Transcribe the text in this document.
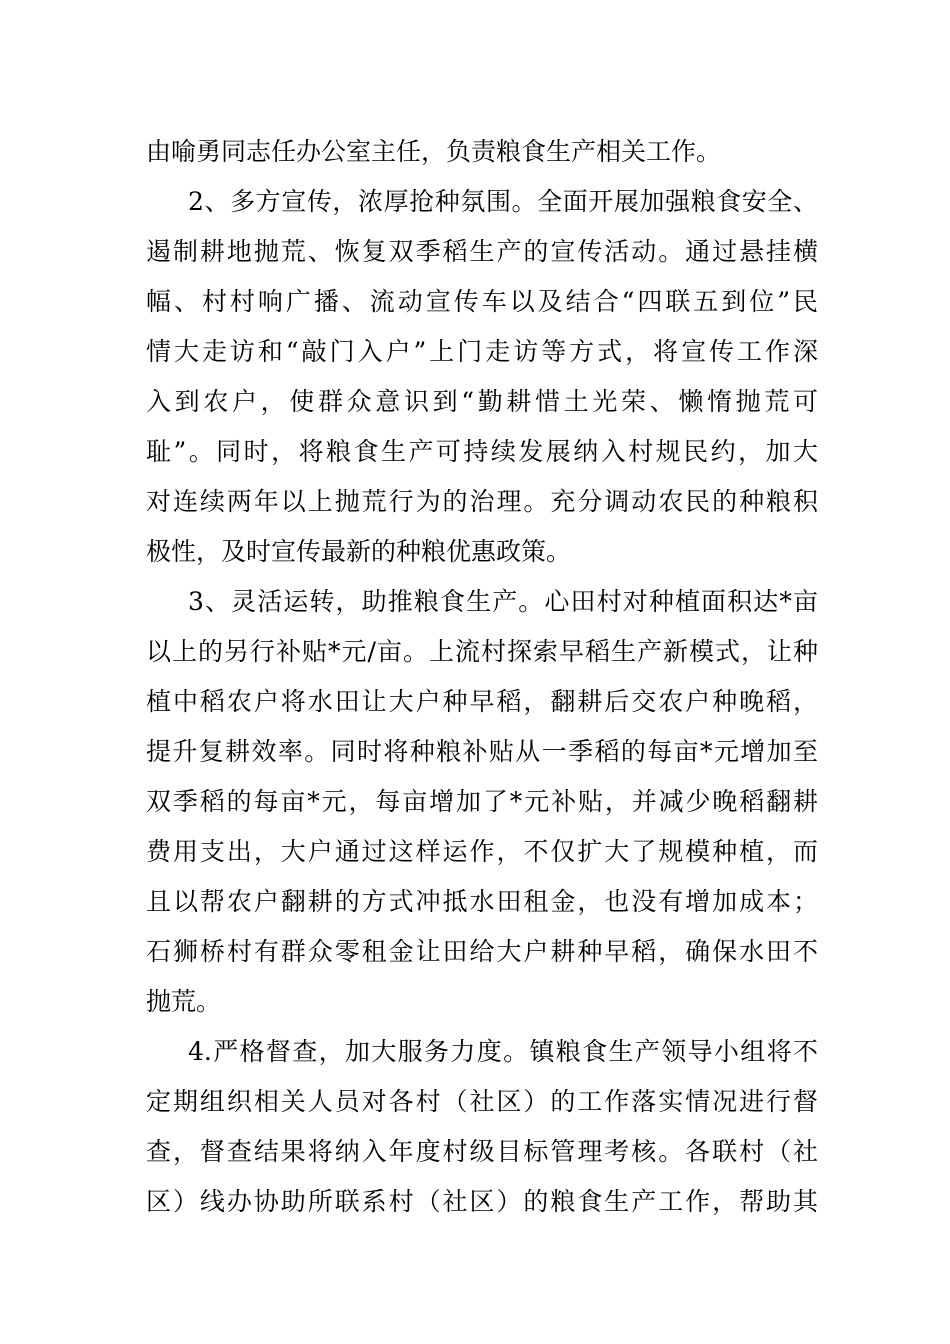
由喻勇同志任办公室主任，负责粮食生产相关工作。
2、多方宣传，浓厚抢种氛围。全面开展加强粮食安全、
遏制耕地抛荒、恢复双季稻生产的宣传活动。通过悬挂横
幅、村村响广播、流动宣传车以及结合“四联五到位”民
情大走访和“敲门入户”上门走访等方式，将宣传工作深
入到农户，使群众意识到“勤耕惜土光荣、懒惰抛荒可
耻”。同时，将粮食生产可持续发展纳入村规民约，加大
对连续两年以上抛荒行为的治理。充分调动农民的种粮积
极性，及时宣传最新的种粮优惠政策。
3、灵活运转，助推粮食生产。心田村对种植面积达*亩
以上的另行补贴*元/亩。上流村探索早稻生产新模式，让种
植中稻农户将水田让大户种早稻，翻耕后交农户种晚稻，
提升复耕效率。同时将种粮补贴从一季稻的每亩*元增加至
双季稻的每亩*元，每亩增加了*元补贴，并减少晚稻翻耕
费用支出，大户通过这样运作，不仅扩大了规模种植，而
且以帮农户翻耕的方式冲抵水田租金，也没有增加成本；
石狮桥村有群众零租金让田给大户耕种早稻，确保水田不
抛荒。
4.严格督查，加大服务力度。镇粮食生产领导小组将不
定期组织相关人员对各村（社区）的工作落实情况进行督
查，督查结果将纳入年度村级目标管理考核。各联村（社
区）线办协助所联系村（社区）的粮食生产工作，帮助其
